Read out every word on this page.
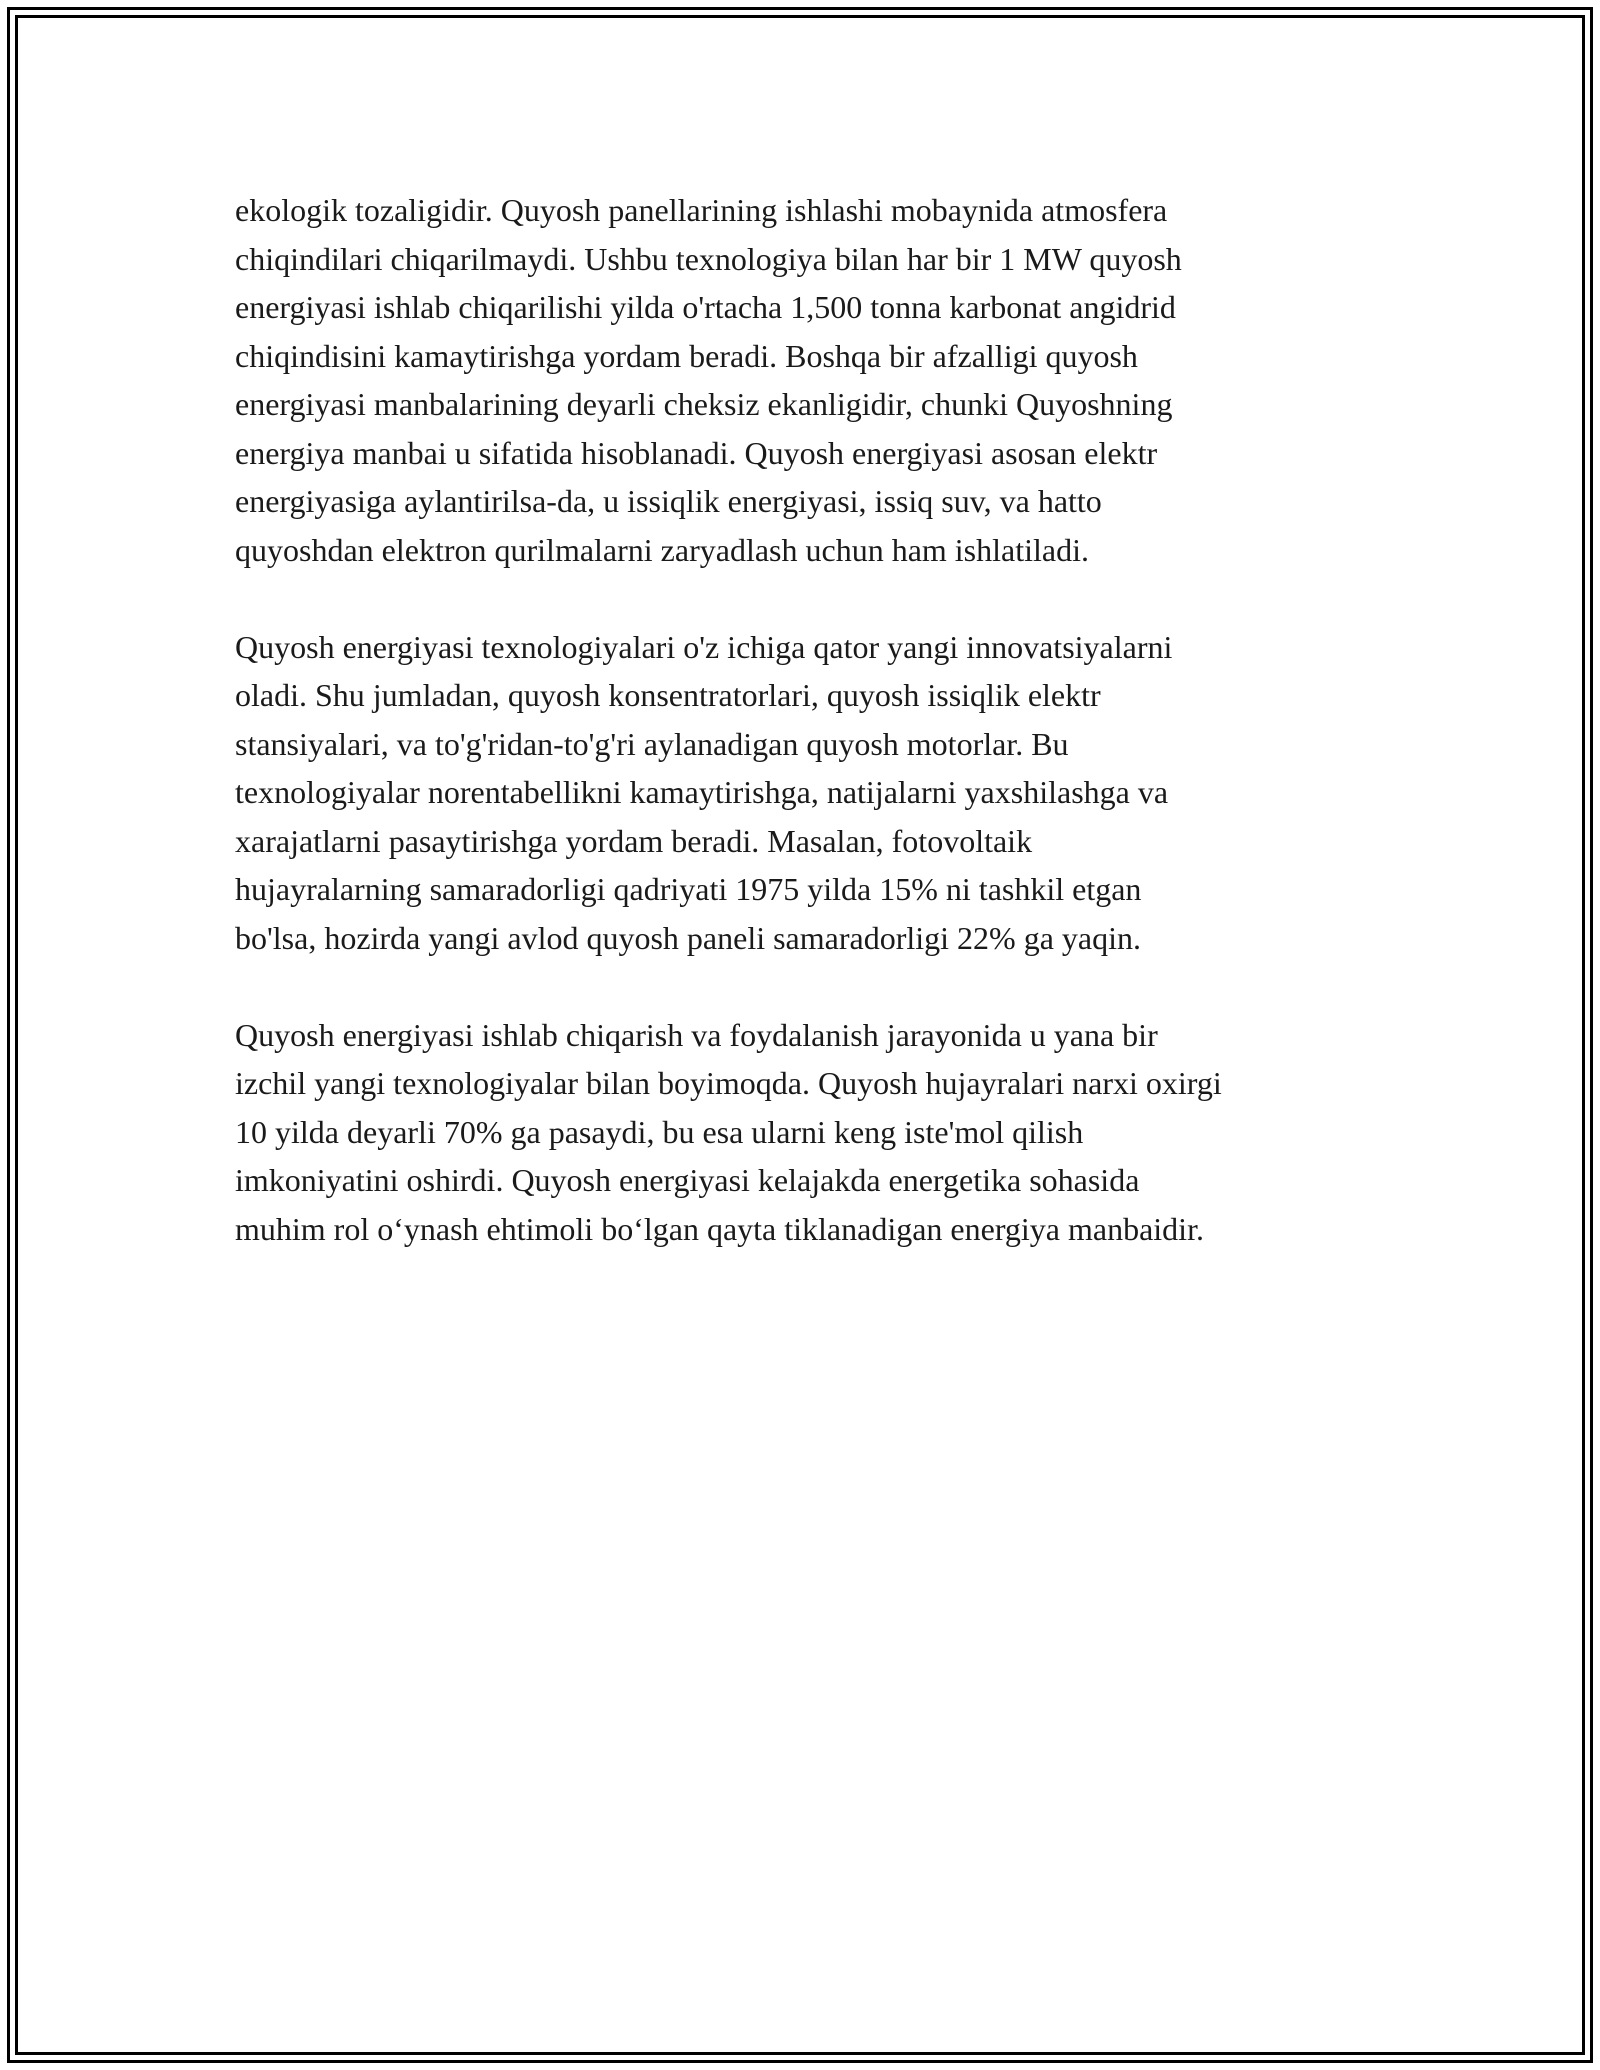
ekologik tozaligidir. Quyosh panellarining ishlashi mobaynida atmosfera
chiqindilari chiqarilmaydi. Ushbu texnologiya bilan har bir 1 MW quyosh
energiyasi ishlab chiqarilishi yilda o'rtacha 1,500 tonna karbonat angidrid
chiqindisini kamaytirishga yordam beradi. Boshqa bir afzalligi quyosh
energiyasi manbalarining deyarli cheksiz ekanligidir, chunki Quyoshning
energiya manbai u sifatida hisoblanadi. Quyosh energiyasi asosan elektr
energiyasiga aylantirilsa-da, u issiqlik energiyasi, issiq suv, va hatto
quyoshdan elektron qurilmalarni zaryadlash uchun ham ishlatiladi.

Quyosh energiyasi texnologiyalari o'z ichiga qator yangi innovatsiyalarni
oladi. Shu jumladan, quyosh konsentratorlari, quyosh issiqlik elektr
stansiyalari, va to'g'ridan-to'g'ri aylanadigan quyosh motorlar. Bu
texnologiyalar norentabellikni kamaytirishga, natijalarni yaxshilashga va
xarajatlarni pasaytirishga yordam beradi. Masalan, fotovoltaik
hujayralarning samaradorligi qadriyati 1975 yilda 15% ni tashkil etgan
bo'lsa, hozirda yangi avlod quyosh paneli samaradorligi 22% ga yaqin.

Quyosh energiyasi ishlab chiqarish va foydalanish jarayonida u yana bir
izchil yangi texnologiyalar bilan boyimoqda. Quyosh hujayralari narxi oxirgi
10 yilda deyarli 70% ga pasaydi, bu esa ularni keng iste'mol qilish
imkoniyatini oshirdi. Quyosh energiyasi kelajakda energetika sohasida
muhim rol o‘ynash ehtimoli bo‘lgan qayta tiklanadigan energiya manbaidir.
